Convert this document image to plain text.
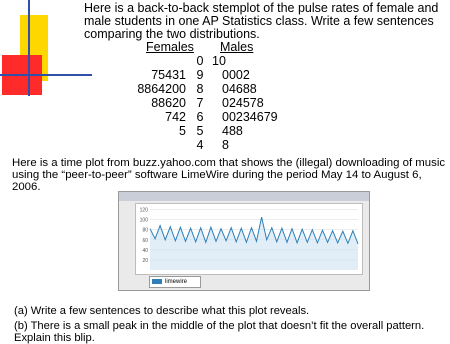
Here is a back-to-back stemplot of the pulse rates of female and male students in one AP Statistics class. Write a few sentences comparing the two distributions.
Females Males
0 10
75431 9 0002
8864200 8 04688
88620 7 024578
742 6 00234679
5 5 488
4 8
Here is a time plot from buzz.yahoo.com that shows the (illegal) downloading of music using the “peer-to-peer” software LimeWire during the period May 14 to August 6, 2006.
20
40
60
80
100
120
limewire
(a) Write a few sentences to describe what this plot reveals.
(b) There is a small peak in the middle of the plot that doesn’t fit the overall pattern. Explain this blip.
